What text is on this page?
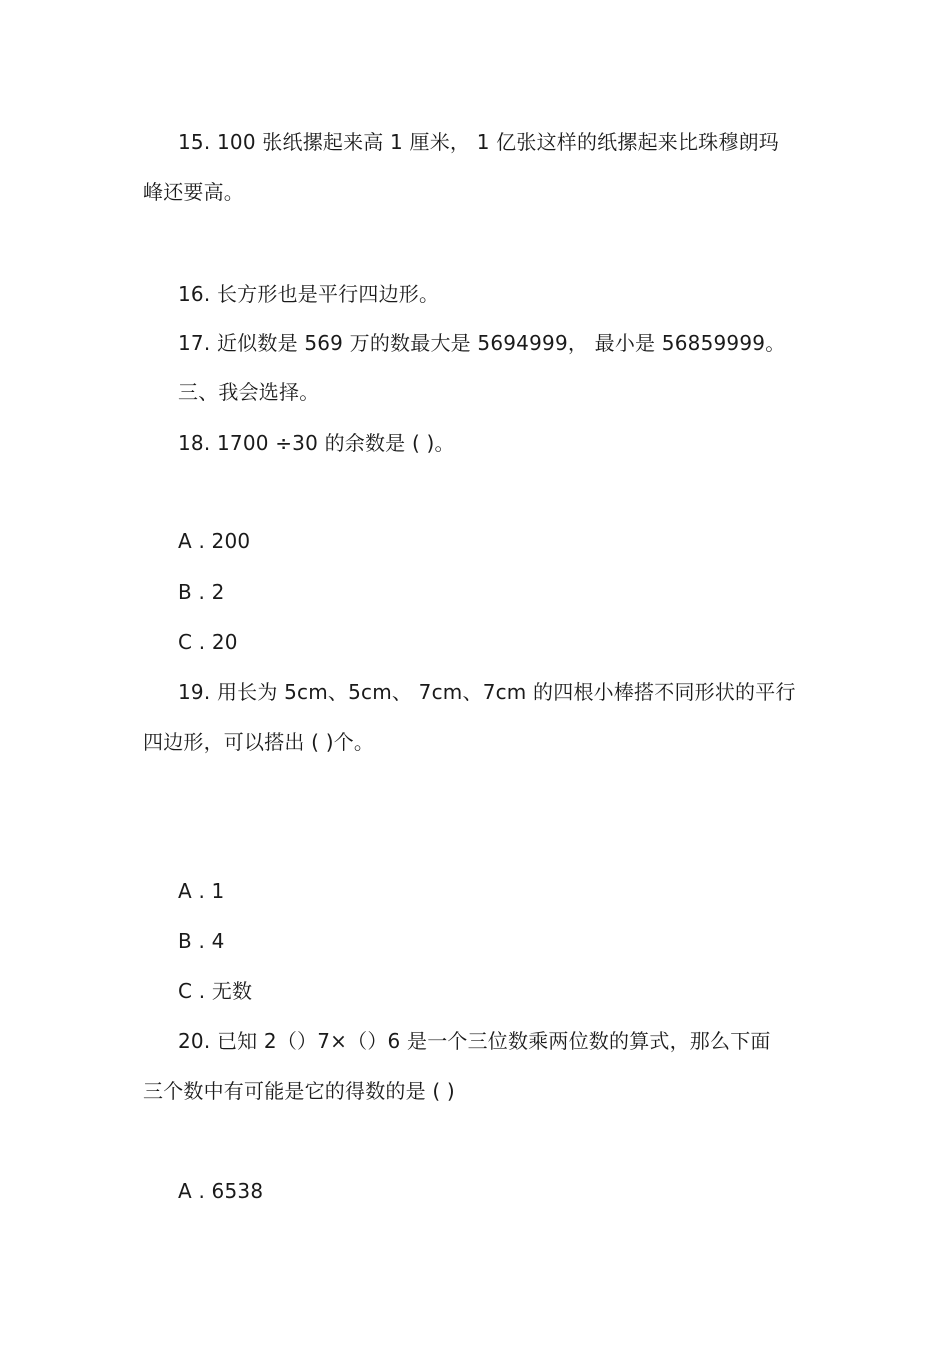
15. 100 张纸摞起来高 1 厘米， 1 亿张这样的纸摞起来比珠穆朗玛
峰还要高。
16. 长方形也是平行四边形。
17. 近似数是 569 万的数最大是 5694999， 最小是 56859999。
三、我会选择。
18. 1700 ÷30 的余数是 ( )。
A . 200
B . 2
C . 20
19. 用长为 5cm、5cm、 7cm、7cm 的四根小棒搭不同形状的平行
四边形，可以搭出 ( )个。
A . 1
B . 4
C . 无数
20. 已知 2（）7×（）6 是一个三位数乘两位数的算式，那么下面
三个数中有可能是它的得数的是 ( )
A . 6538
